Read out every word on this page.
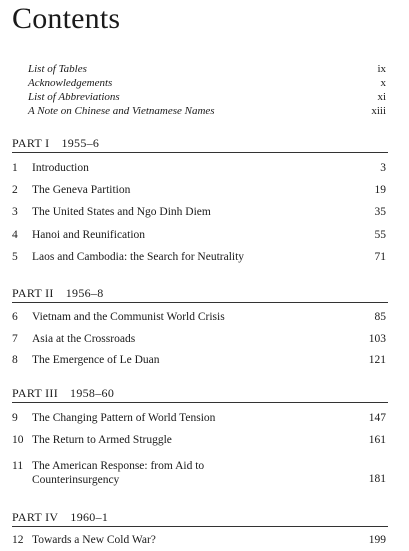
Contents
List of Tables	ix
Acknowledgements	x
List of Abbreviations	xi
A Note on Chinese and Vietnamese Names	xiii
PART I 1955–6
1	Introduction	3
2	The Geneva Partition	19
3	The United States and Ngo Dinh Diem	35
4	Hanoi and Reunification	55
5	Laos and Cambodia: the Search for Neutrality	71
PART II 1956–8
6	Vietnam and the Communist World Crisis	85
7	Asia at the Crossroads	103
8	The Emergence of Le Duan	121
PART III 1958–60
9	The Changing Pattern of World Tension	147
10 The Return to Armed Struggle	161
11 The American Response: from Aid to Counterinsurgency	181
PART IV 1960–1
12 Towards a New Cold War?	199
